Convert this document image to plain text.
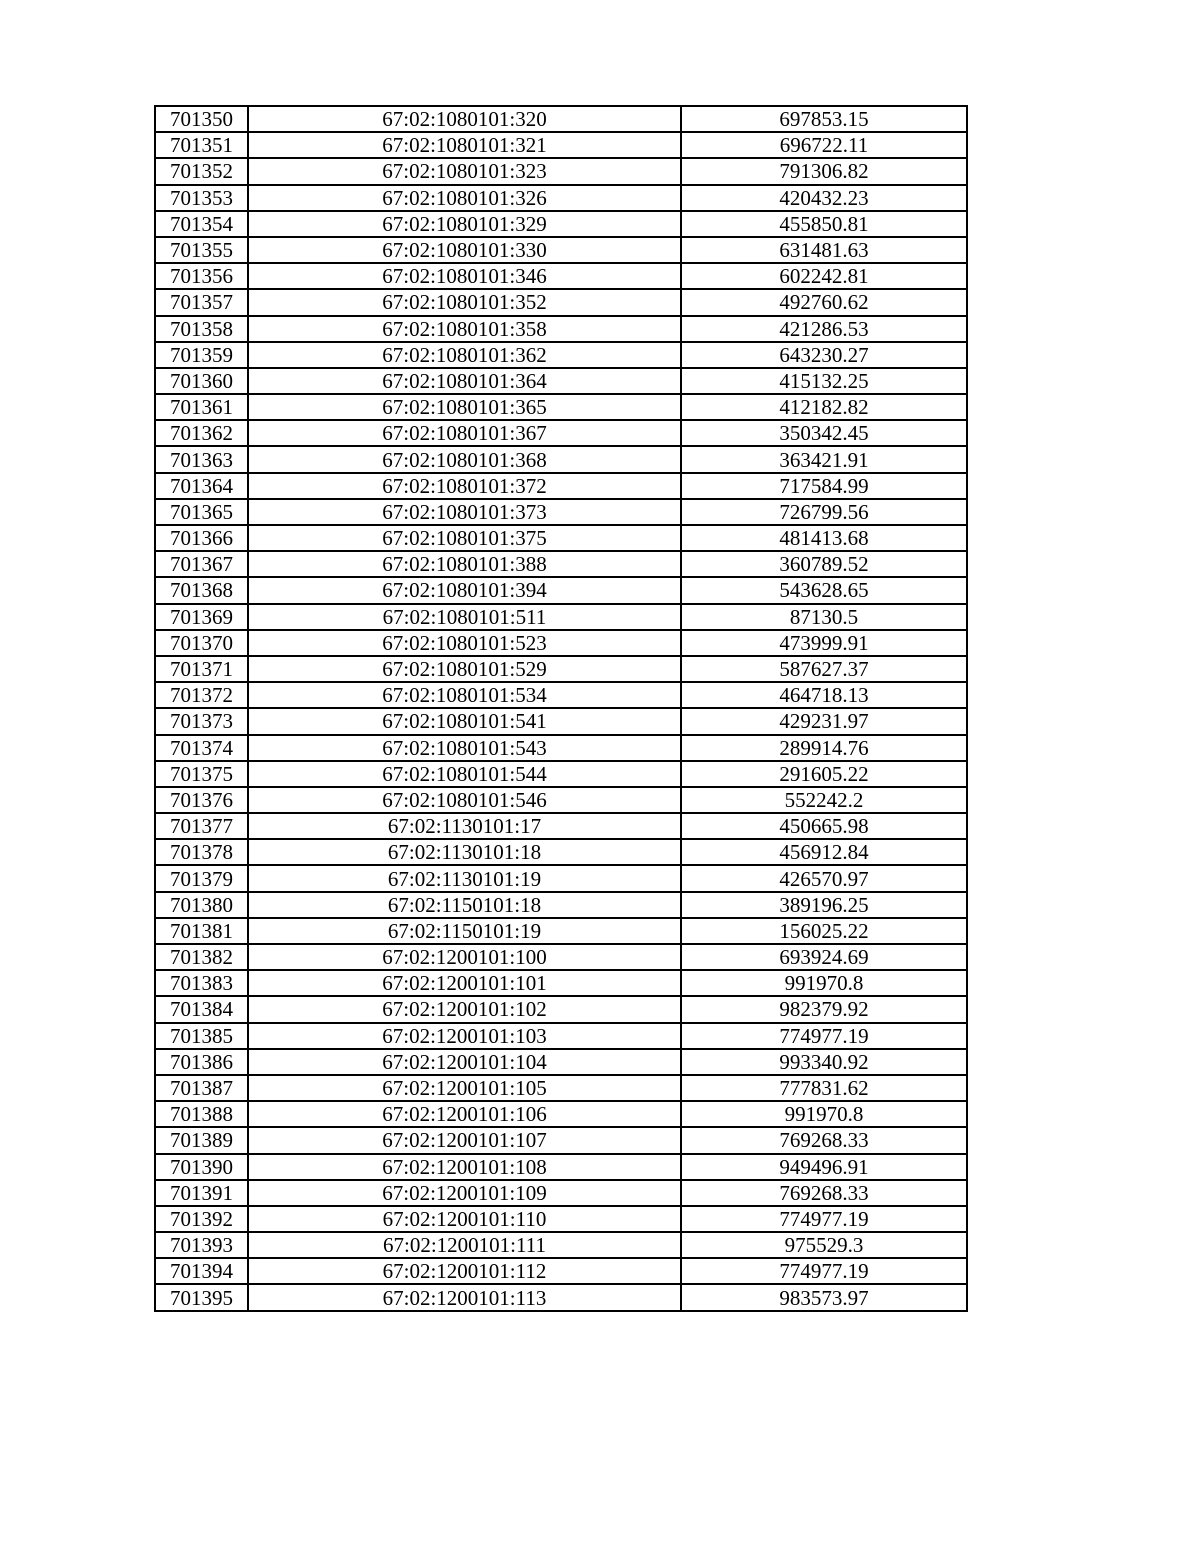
701350	67:02:1080101:320	697853.15
701351	67:02:1080101:321	696722.11
701352	67:02:1080101:323	791306.82
701353	67:02:1080101:326	420432.23
701354	67:02:1080101:329	455850.81
701355	67:02:1080101:330	631481.63
701356	67:02:1080101:346	602242.81
701357	67:02:1080101:352	492760.62
701358	67:02:1080101:358	421286.53
701359	67:02:1080101:362	643230.27
701360	67:02:1080101:364	415132.25
701361	67:02:1080101:365	412182.82
701362	67:02:1080101:367	350342.45
701363	67:02:1080101:368	363421.91
701364	67:02:1080101:372	717584.99
701365	67:02:1080101:373	726799.56
701366	67:02:1080101:375	481413.68
701367	67:02:1080101:388	360789.52
701368	67:02:1080101:394	543628.65
701369	67:02:1080101:511	87130.5
701370	67:02:1080101:523	473999.91
701371	67:02:1080101:529	587627.37
701372	67:02:1080101:534	464718.13
701373	67:02:1080101:541	429231.97
701374	67:02:1080101:543	289914.76
701375	67:02:1080101:544	291605.22
701376	67:02:1080101:546	552242.2
701377	67:02:1130101:17	450665.98
701378	67:02:1130101:18	456912.84
701379	67:02:1130101:19	426570.97
701380	67:02:1150101:18	389196.25
701381	67:02:1150101:19	156025.22
701382	67:02:1200101:100	693924.69
701383	67:02:1200101:101	991970.8
701384	67:02:1200101:102	982379.92
701385	67:02:1200101:103	774977.19
701386	67:02:1200101:104	993340.92
701387	67:02:1200101:105	777831.62
701388	67:02:1200101:106	991970.8
701389	67:02:1200101:107	769268.33
701390	67:02:1200101:108	949496.91
701391	67:02:1200101:109	769268.33
701392	67:02:1200101:110	774977.19
701393	67:02:1200101:111	975529.3
701394	67:02:1200101:112	774977.19
701395	67:02:1200101:113	983573.97
